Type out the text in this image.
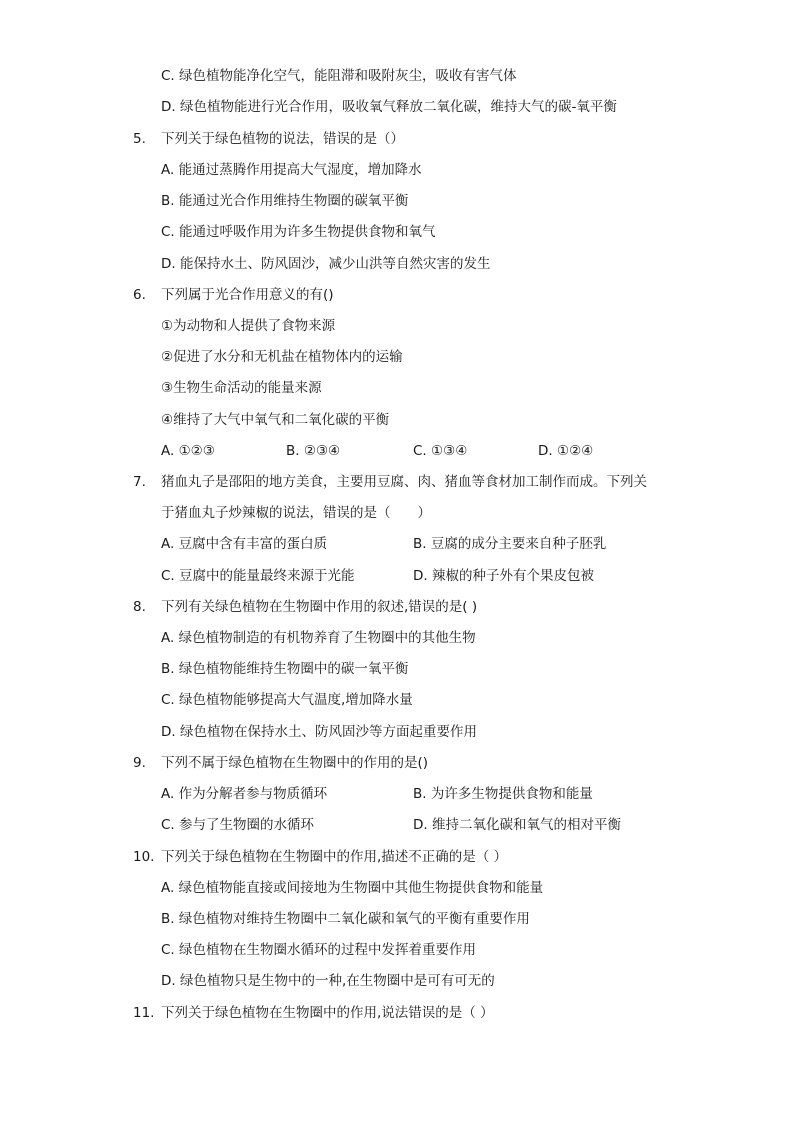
C. 绿色植物能净化空气，能阻滞和吸附灰尘，吸收有害气体
D. 绿色植物能进行光合作用，吸收氧气释放二氧化碳，维持大气的碳-氧平衡
5. 下列关于绿色植物的说法，错误的是（）
A. 能通过蒸腾作用提高大气湿度，增加降水
B. 能通过光合作用维持生物圈的碳氧平衡
C. 能通过呼吸作用为许多生物提供食物和氧气
D. 能保持水土、防风固沙，减少山洪等自然灾害的发生
6. 下列属于光合作用意义的有()
①为动物和人提供了食物来源
②促进了水分和无机盐在植物体内的运输
③生物生命活动的能量来源
④维持了大气中氧气和二氧化碳的平衡
A. ①②③	B. ②③④	C. ①③④	D. ①②④
7. 猪血丸子是邵阳的地方美食，主要用豆腐、肉、猪血等食材加工制作而成。下列关
于猪血丸子炒辣椒的说法，错误的是（　　）
A. 豆腐中含有丰富的蛋白质	B. 豆腐的成分主要来自种子胚乳
C. 豆腐中的能量最终来源于光能	D. 辣椒的种子外有个果皮包被
8. 下列有关绿色植物在生物圈中作用的叙述,错误的是( )
A. 绿色植物制造的有机物养育了生物圈中的其他生物
B. 绿色植物能维持生物圈中的碳一氧平衡
C. 绿色植物能够提高大气温度,增加降水量
D. 绿色植物在保持水土、防风固沙等方面起重要作用
9. 下列不属于绿色植物在生物圈中的作用的是()
A. 作为分解者参与物质循环	B. 为许多生物提供食物和能量
C. 参与了生物圈的水循环	D. 维持二氧化碳和氧气的相对平衡
10. 下列关于绿色植物在生物圈中的作用,描述不正确的是（ ）
A. 绿色植物能直接或间接地为生物圈中其他生物提供食物和能量
B. 绿色植物对维持生物圈中二氧化碳和氧气的平衡有重要作用
C. 绿色植物在生物圈水循环的过程中发挥着重要作用
D. 绿色植物只是生物中的一种,在生物圈中是可有可无的
11. 下列关于绿色植物在生物圈中的作用,说法错误的是（ ）
